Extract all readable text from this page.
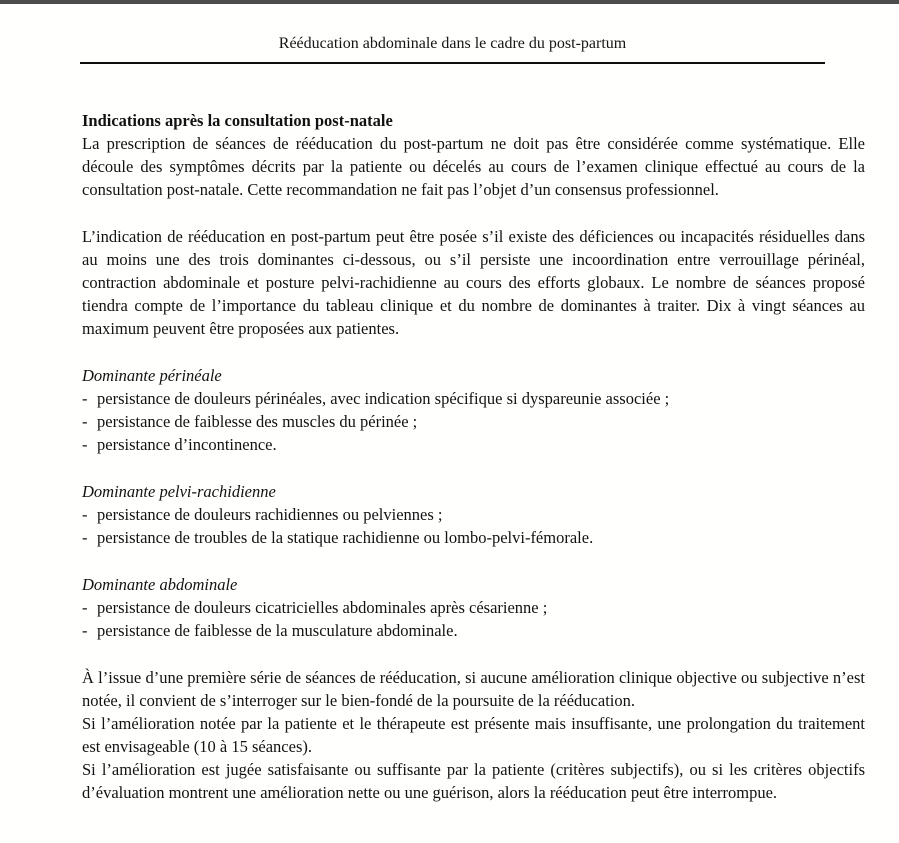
Rééducation abdominale dans le cadre du post-partum

Indications après la consultation post-natale

La prescription de séances de rééducation du post-partum ne doit pas être considérée comme systématique. Elle découle des symptômes décrits par la patiente ou décelés au cours de l’examen clinique effectué au cours de la consultation post-natale. Cette recommandation ne fait pas l’objet d’un consensus professionnel.

L’indication de rééducation en post-partum peut être posée s’il existe des déficiences ou incapacités résiduelles dans au moins une des trois dominantes ci-dessous, ou s’il persiste une incoordination entre verrouillage périnéal, contraction abdominale et posture pelvi-rachidienne au cours des efforts globaux. Le nombre de séances proposé tiendra compte de l’importance du tableau clinique et du nombre de dominantes à traiter. Dix à vingt séances au maximum peuvent être proposées aux patientes.

Dominante périnéale

- persistance de douleurs périnéales, avec indication spécifique si dyspareunie associée ;
- persistance de faiblesse des muscles du périnée ;
- persistance d’incontinence.

Dominante pelvi-rachidienne

- persistance de douleurs rachidiennes ou pelviennes ;
- persistance de troubles de la statique rachidienne ou lombo-pelvi-fémorale.

Dominante abdominale

- persistance de douleurs cicatricielles abdominales après césarienne ;
- persistance de faiblesse de la musculature abdominale.

À l’issue d’une première série de séances de rééducation, si aucune amélioration clinique objective ou subjective n’est notée, il convient de s’interroger sur le bien-fondé de la poursuite de la rééducation.

Si l’amélioration notée par la patiente et le thérapeute est présente mais insuffisante, une prolongation du traitement est envisageable (10 à 15 séances).

Si l’amélioration est jugée satisfaisante ou suffisante par la patiente (critères subjectifs), ou si les critères objectifs d’évaluation montrent une amélioration nette ou une guérison, alors la rééducation peut être interrompue.
